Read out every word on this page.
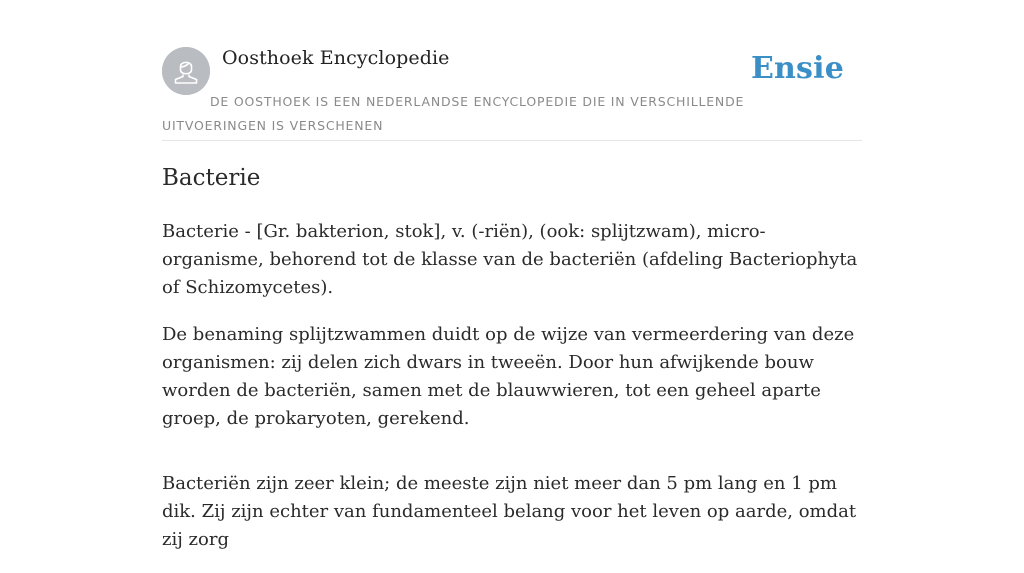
Oosthoek Encyclopedie	Ensie
DE OOSTHOEK IS EEN NEDERLANDSE ENCYCLOPEDIE DIE IN VERSCHILLENDE UITVOERINGEN IS VERSCHENEN
Bacterie

Bacterie - [Gr. bakterion, stok], v. (-riën), (ook: splijtzwam), micro-organisme, behorend tot de klasse van de bacteriën (afdeling Bacteriophyta of Schizomycetes).

De benaming splijtzwammen duidt op de wijze van vermeerdering van deze organismen: zij delen zich dwars in tweeën. Door hun afwijkende bouw worden de bacteriën, samen met de blauwwieren, tot een geheel aparte groep, de prokaryoten, gerekend.

Bacteriën zijn zeer klein; de meeste zijn niet meer dan 5 pm lang en 1 pm dik. Zij zijn echter van fundamenteel belang voor het leven op aarde, omdat zij zorg
